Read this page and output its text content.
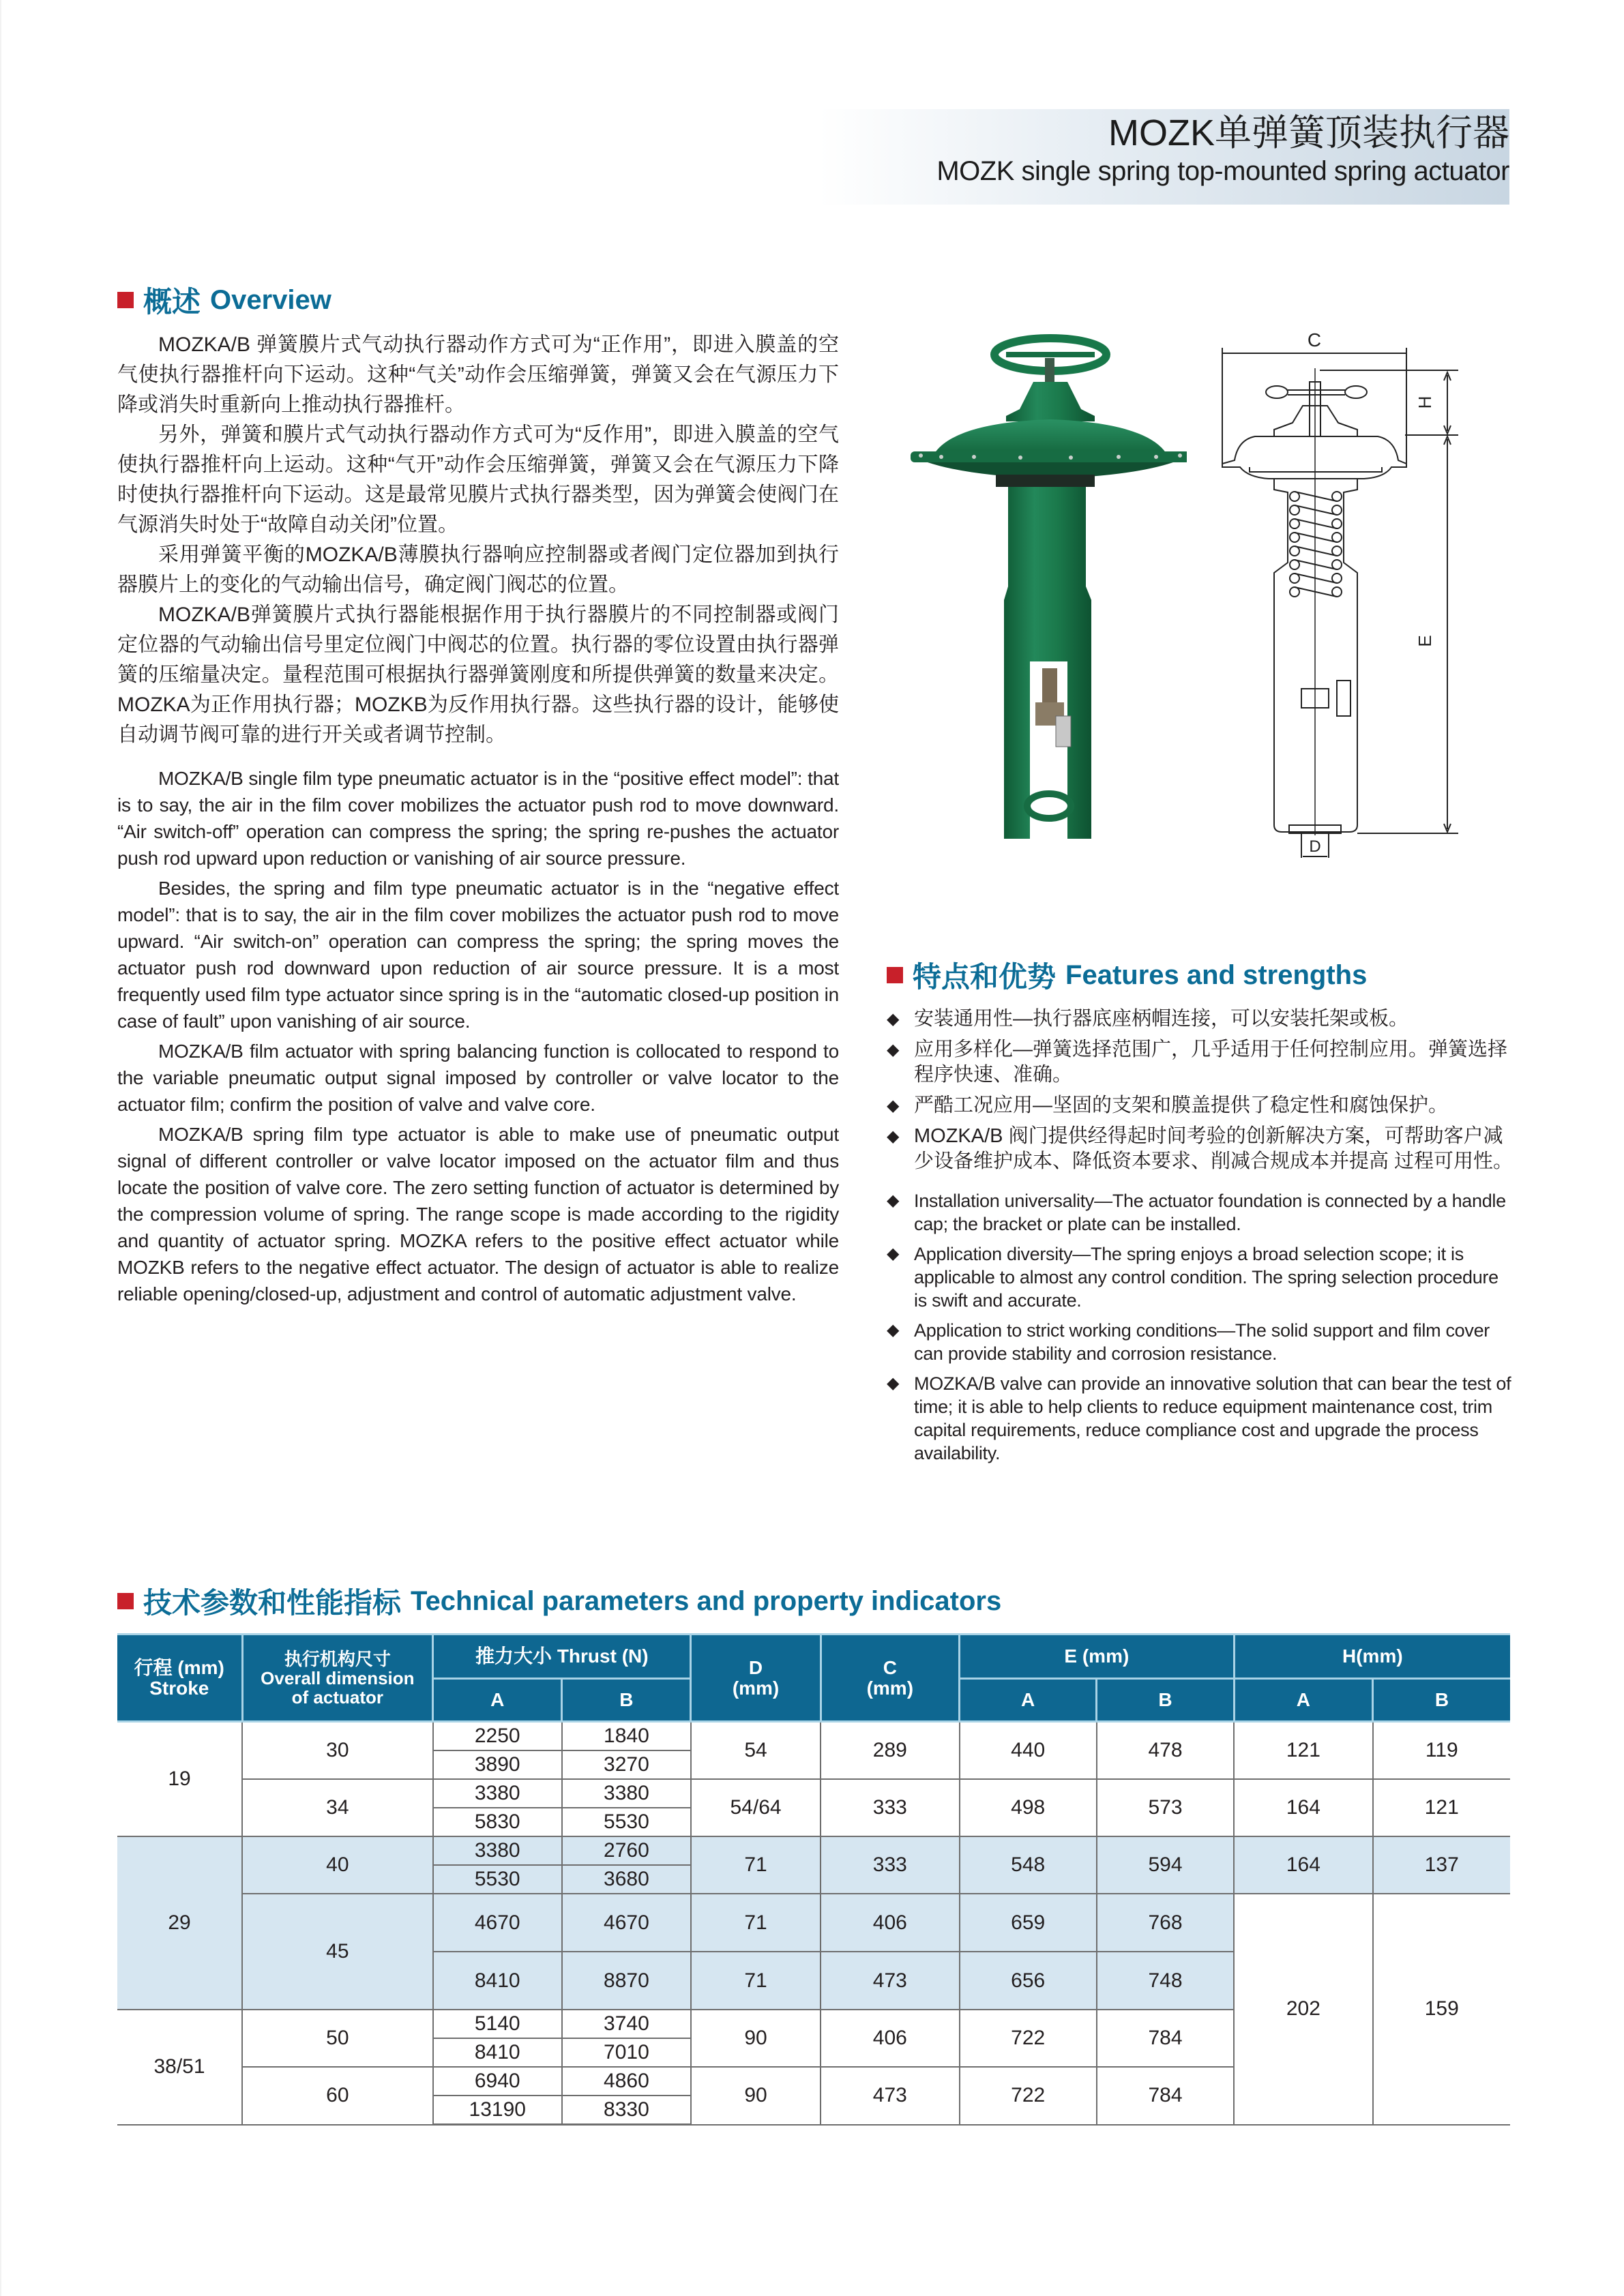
MOZK单弹簧顶装执行器
MOZK single spring top-mounted spring actuator
概述 Overview

MOZKA/B 弹簧膜片式气动执行器动作方式可为“正作用”，即进入膜盖的空气使执行器推杆向下运动。这种“气关”动作会压缩弹簧，弹簧又会在气源压力下降或消失时重新向上推动执行器推杆。

另外，弹簧和膜片式气动执行器动作方式可为“反作用”，即进入膜盖的空气使执行器推杆向上运动。这种“气开”动作会压缩弹簧，弹簧又会在气源压力下降时使执行器推杆向下运动。这是最常见膜片式执行器类型，因为弹簧会使阀门在气源消失时处于“故障自动关闭”位置。

采用弹簧平衡的MOZKA/B薄膜执行器响应控制器或者阀门定位器加到执行器膜片上的变化的气动输出信号，确定阀门阀芯的位置。

MOZKA/B弹簧膜片式执行器能根据作用于执行器膜片的不同控制器或阀门定位器的气动输出信号里定位阀门中阀芯的位置。执行器的零位设置由执行器弹簧的压缩量决定。量程范围可根据执行器弹簧刚度和所提供弹簧的数量来决定。MOZKA为正作用执行器；MOZKB为反作用执行器。这些执行器的设计，能够使自动调节阀可靠的进行开关或者调节控制。

MOZKA/B single film type pneumatic actuator is in the “positive effect model”: that is to say, the air in the film cover mobilizes the actuator push rod to move downward. “Air switch-off” operation can compress the spring; the spring re-pushes the actuator push rod upward upon reduction or vanishing of air source pressure.

Besides, the spring and film type pneumatic actuator is in the “negative effect model”: that is to say, the air in the film cover mobilizes the actuator push rod to move upward. “Air switch-on” operation can compress the spring; the spring moves the actuator push rod downward upon reduction of air source pressure. It is a most frequently used film type actuator since spring is in the “automatic closed-up position in case of fault” upon vanishing of air source.

MOZKA/B film actuator with spring balancing function is collocated to respond to the variable pneumatic output signal imposed by controller or valve locator to the actuator film; confirm the position of valve and valve core.

MOZKA/B spring film type actuator is able to make use of pneumatic output signal of different controller or valve locator imposed on the actuator film and thus locate the position of valve core. The zero setting function of actuator is determined by the compression volume of spring. The range scope is made according to the rigidity and quantity of actuator spring. MOZKA refers to the positive effect actuator while MOZKB refers to the negative effect actuator. The design of actuator is able to realize reliable opening/closed-up, adjustment and control of automatic adjustment valve.

C
H
E
D
特点和优势 Features and strengths
◆ 安装通用性—执行器底座柄帽连接，可以安装托架或板。
◆ 应用多样化—弹簧选择范围广，几乎适用于任何控制应用。弹簧选择程序快速、准确。
◆ 严酷工况应用—坚固的支架和膜盖提供了稳定性和腐蚀保护。
◆ MOZKA/B 阀门提供经得起时间考验的创新解决方案，可帮助客户减少设备维护成本、降低资本要求、削减合规成本并提高 过程可用性。
◆ Installation universality—The actuator foundation is connected by a handle cap; the bracket or plate can be installed.
◆ Application diversity—The spring enjoys a broad selection scope; it is applicable to almost any control condition. The spring selection procedure is swift and accurate.
◆ Application to strict working conditions—The solid support and film cover can provide stability and corrosion resistance.
◆ MOZKA/B valve can provide an innovative solution that can bear the test of time; it is able to help clients to reduce equipment maintenance cost, trim capital requirements, reduce compliance cost and upgrade the process availability.
技术参数和性能指标 Technical parameters and property indicators
行程 (mm)
Stroke	执行机构尺寸
Overall dimension
of actuator	推力大小 Thrust (N)		D
(mm)	C
(mm)	E (mm)		H(mm)	
		A	B			A	B	A	B
19	30	2250	1840	54	289	440	478	121	119
		3890	3270						
	34	3380	3380	54/64	333	498	573	164	121
		5830	5530						
29	40	3380	2760	71	333	548	594	164	137
		5530	3680						
	45	4670	4670	71	406	659	768	202	159
		8410	8870	71	473	656	748		
38/51	50	5140	3740	90	406	722	784		
		8410	7010						
	60	6940	4860	90	473	722	784		
		13190	8330						
